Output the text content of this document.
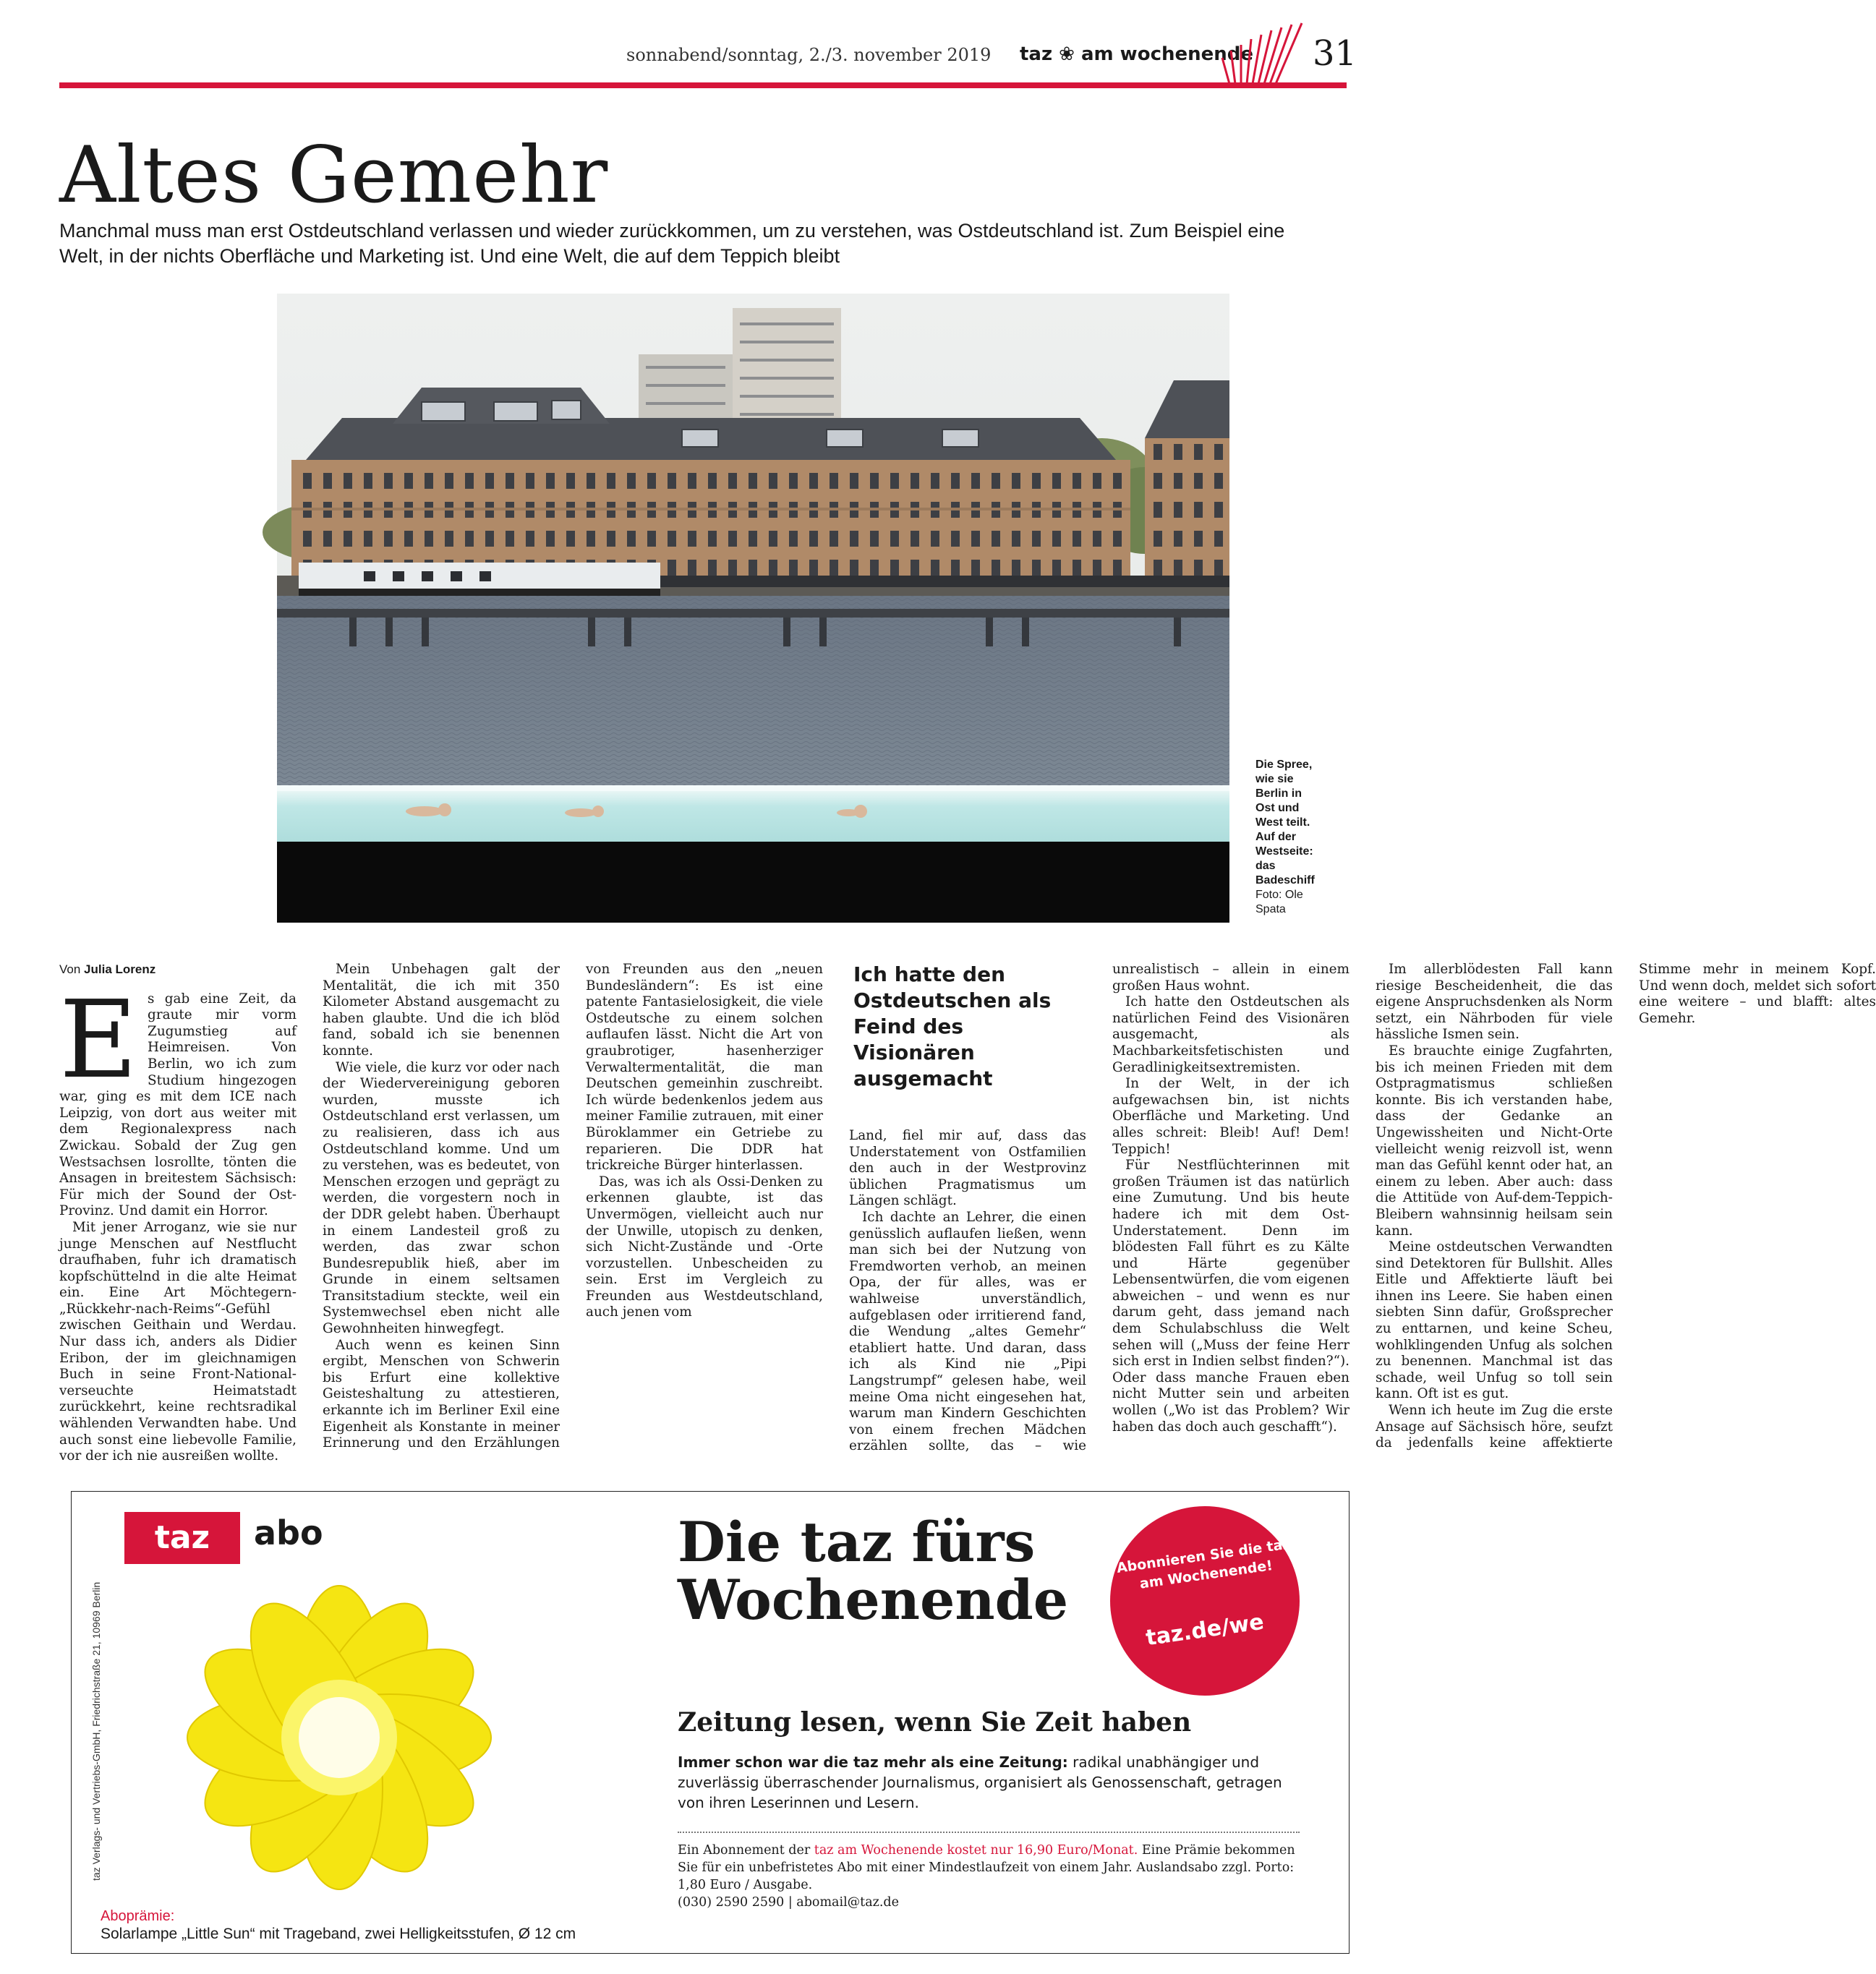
sonnabend/sonntag, 2./3. november 2019 taz ❀ am wochenende 31
Altes Gemehr
Manchmal muss man erst Ostdeutschland verlassen und wieder zurückkommen, um zu verstehen, was Ostdeutschland ist. Zum Beispiel eine Welt, in der nichts Oberfläche und Marketing ist. Und eine Welt, die auf dem Teppich bleibt
Die Spree, wie sie Berlin in Ost und West teilt. Auf der Westseite: das Badeschiff
Foto: Ole Spata
Von Julia Lorenz

Es gab eine Zeit, da graute mir vorm Zugumstieg auf Heimreisen. Von Berlin, wo ich zum Studium hingezogen war, ging es mit dem ICE nach Leipzig, von dort aus weiter mit dem Regionalexpress nach Zwickau. Sobald der Zug gen Westsachsen losrollte, tönten die Ansagen in breitestem Sächsisch: Für mich der Sound der Ost-Provinz. Und damit ein Horror.

Mit jener Arroganz, wie sie nur junge Menschen auf Nestflucht draufhaben, fuhr ich dramatisch kopfschüttelnd in die alte Heimat ein. Eine Art Möchtegern-„Rückkehr-nach-Reims“-Gefühl zwischen Geithain und Werdau. Nur dass ich, anders als Didier Eribon, der im gleichnamigen Buch in seine Front-National-verseuchte Heimatstadt zurückkehrt, keine rechtsradikal wählenden Verwandten habe. Und auch sonst eine liebevolle Familie, vor der ich nie ausreißen wollte.

Mein Unbehagen galt der Mentalität, die ich mit 350 Kilometer Abstand ausgemacht zu haben glaubte. Und die ich blöd fand, sobald ich sie benennen konnte.

Wie viele, die kurz vor oder nach der Wiedervereinigung geboren wurden, musste ich Ostdeutschland erst verlassen, um zu realisieren, dass ich aus Ostdeutschland komme. Und um zu verstehen, was es bedeutet, von Menschen erzogen und geprägt zu werden, die vorgestern noch in der DDR gelebt haben. Überhaupt in einem Landesteil groß zu werden, das zwar schon Bundesrepublik hieß, aber im Grunde in einem seltsamen Transitstadium steckte, weil ein Systemwechsel eben nicht alle Gewohnheiten hinwegfegt.

Auch wenn es keinen Sinn ergibt, Menschen von Schwerin bis Erfurt eine kollektive Geisteshaltung zu attestieren, erkannte ich im Berliner Exil eine Eigenheit als Konstante in meiner Erinnerung und den Erzählungen von Freunden aus den „neuen Bundesländern“: Es ist eine patente Fantasielosigkeit, die viele Ostdeutsche zu einem solchen auflaufen lässt. Nicht die Art von graubrotiger, hasenherziger Verwaltermentalität, die man Deutschen gemeinhin zuschreibt. Ich würde bedenkenlos jedem aus meiner Familie zutrauen, mit einer Büroklammer ein Getriebe zu reparieren. Die DDR hat trickreiche Bürger hinterlassen.

Das, was ich als Ossi-Denken zu erkennen glaubte, ist das Unvermögen, vielleicht auch nur der Unwille, utopisch zu denken, sich Nicht-Zustände und -Orte vorzustellen. Unbescheiden zu sein. Erst im Vergleich zu Freunden aus Westdeutschland, auch jenen vom

Ich hatte den Ostdeutschen als Feind des Visionären ausgemacht

Land, fiel mir auf, dass das Understatement von Ostfamilien den auch in der Westprovinz üblichen Pragmatismus um Längen schlägt.

Ich dachte an Lehrer, die einen genüsslich auflaufen ließen, wenn man sich bei der Nutzung von Fremdworten verhob, an meinen Opa, der für alles, was er wahlweise unverständlich, aufgeblasen oder irritierend fand, die Wendung „altes Gemehr“ etabliert hatte. Und daran, dass ich als Kind nie „Pipi Langstrumpf“ gelesen habe, weil meine Oma nicht eingesehen hat, warum man Kindern Geschichten von einem frechen Mädchen erzählen sollte, das – wie unrealistisch – allein in einem großen Haus wohnt.

Ich hatte den Ostdeutschen als natürlichen Feind des Visionären ausgemacht, als Machbarkeitsfetischisten und Geradlinigkeitsextremisten.

In der Welt, in der ich aufgewachsen bin, ist nichts Oberfläche und Marketing. Und alles schreit: Bleib! Auf! Dem! Teppich!

Für Nestflüchterinnen mit großen Träumen ist das natürlich eine Zumutung. Und bis heute hadere ich mit dem Ost-Understatement. Denn im blödesten Fall führt es zu Kälte und Härte gegenüber Lebensentwürfen, die vom eigenen abweichen – und wenn es nur darum geht, dass jemand nach dem Schulabschluss die Welt sehen will („Muss der feine Herr sich erst in Indien selbst finden?“). Oder dass manche Frauen eben nicht Mutter sein und arbeiten wollen („Wo ist das Problem? Wir haben das doch auch geschafft“).

Im allerblödesten Fall kann riesige Bescheidenheit, die das eigene Anspruchsdenken als Norm setzt, ein Nährboden für viele hässliche Ismen sein.

Es brauchte einige Zugfahrten, bis ich meinen Frieden mit dem Ostpragmatismus schließen konnte. Bis ich verstanden habe, dass der Gedanke an Ungewissheiten und Nicht-Orte vielleicht wenig reizvoll ist, wenn man das Gefühl kennt oder hat, an einem zu leben. Aber auch: dass die Attitüde von Auf-dem-Teppich-Bleibern wahnsinnig heilsam sein kann.

Meine ostdeutschen Verwandten sind Detektoren für Bullshit. Alles Eitle und Affektierte läuft bei ihnen ins Leere. Sie haben einen siebten Sinn dafür, Großsprecher zu enttarnen, und keine Scheu, wohlklingenden Unfug als solchen zu benennen. Manchmal ist das schade, weil Unfug so toll sein kann. Oft ist es gut.

Wenn ich heute im Zug die erste Ansage auf Sächsisch höre, seufzt da jedenfalls keine affektierte Stimme mehr in meinem Kopf. Und wenn doch, meldet sich sofort eine weitere – und blafft: altes Gemehr.

taz	abo
taz Verlags- und Vertriebs-GmbH, Friedrichstraße 21, 10969 Berlin
Aboprämie:
Solarlampe „Little Sun“ mit Trageband, zwei Helligkeitsstufen, Ø 12 cm
Die taz fürs Wochenende
Zeitung lesen, wenn Sie Zeit haben
Immer schon war die taz mehr als eine Zeitung: radikal unabhängiger und zuverlässig überraschender Journalismus, organisiert als Genossenschaft, getragen von ihren Leserinnen und Lesern.
Ein Abonnement der taz am Wochenende kostet nur 16,90 Euro/Monat. Eine Prämie bekommen Sie für ein unbefristetes Abo mit einer Mindestlaufzeit von einem Jahr. Auslandsabo zzgl. Porto: 1,80 Euro / Ausgabe.
(030) 2590 2590 | abomail@taz.de
Abonnieren Sie die taz am Wochenende!
taz.de/we
